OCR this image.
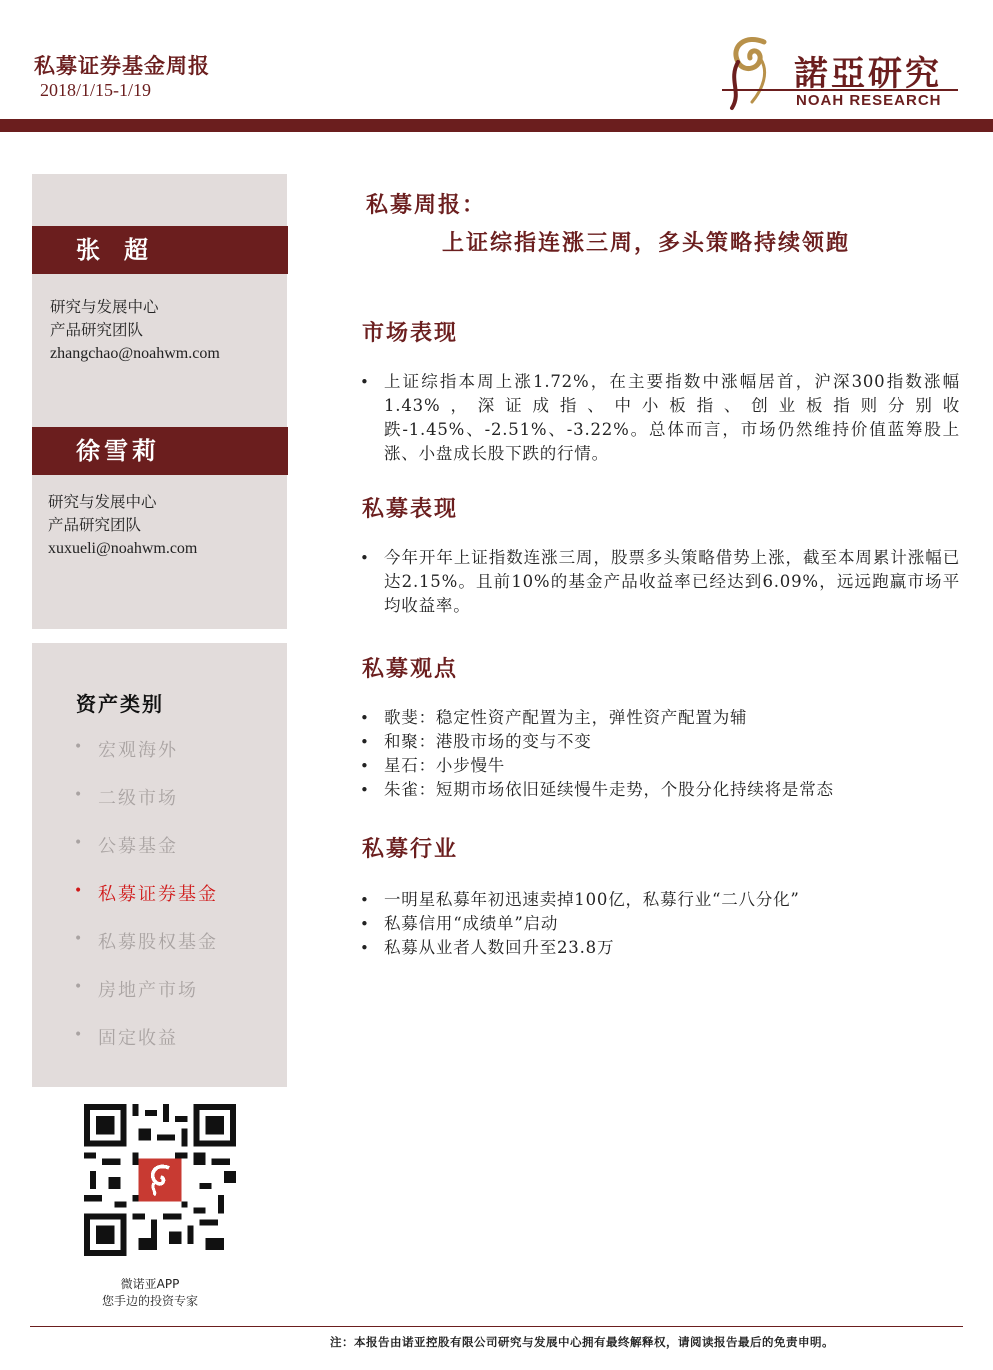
私募证券基金周报
2018/1/15-1/19	諾亞研究
NOAH RESEARCH
张超
研究与发展中心
产品研究团队
zhangchao@noahwm.com
徐雪莉
研究与发展中心
产品研究团队
xuxueli@noahwm.com
资产类别
• 宏观海外
• 二级市场
• 公募基金
• 私募证券基金
• 私募股权基金
• 房地产市场
• 固定收益
微诺亚APP
您手边的投资专家
私募周报：
上证综指连涨三周，多头策略持续领跑
市场表现
• 上证综指本周上涨1.72%，在主要指数中涨幅居首，沪深300指数涨幅1.43%，深证成指、中小板指、创业板指则分别收跌-1.45%、-2.51%、-3.22%。总体而言，市场仍然维持价值蓝筹股上涨、小盘成长股下跌的行情。
私募表现
• 今年开年上证指数连涨三周，股票多头策略借势上涨，截至本周累计涨幅已达2.15%。且前10%的基金产品收益率已经达到6.09%，远远跑赢市场平均收益率。
私募观点
• 歌斐：稳定性资产配置为主，弹性资产配置为辅
• 和聚：港股市场的变与不变
• 星石：小步慢牛
• 朱雀：短期市场依旧延续慢牛走势，个股分化持续将是常态
私募行业
• 一明星私募年初迅速卖掉100亿，私募行业“二八分化”
• 私募信用“成绩单”启动
• 私募从业者人数回升至23.8万
注：本报告由诺亚控股有限公司研究与发展中心拥有最终解释权，请阅读报告最后的免责申明。
